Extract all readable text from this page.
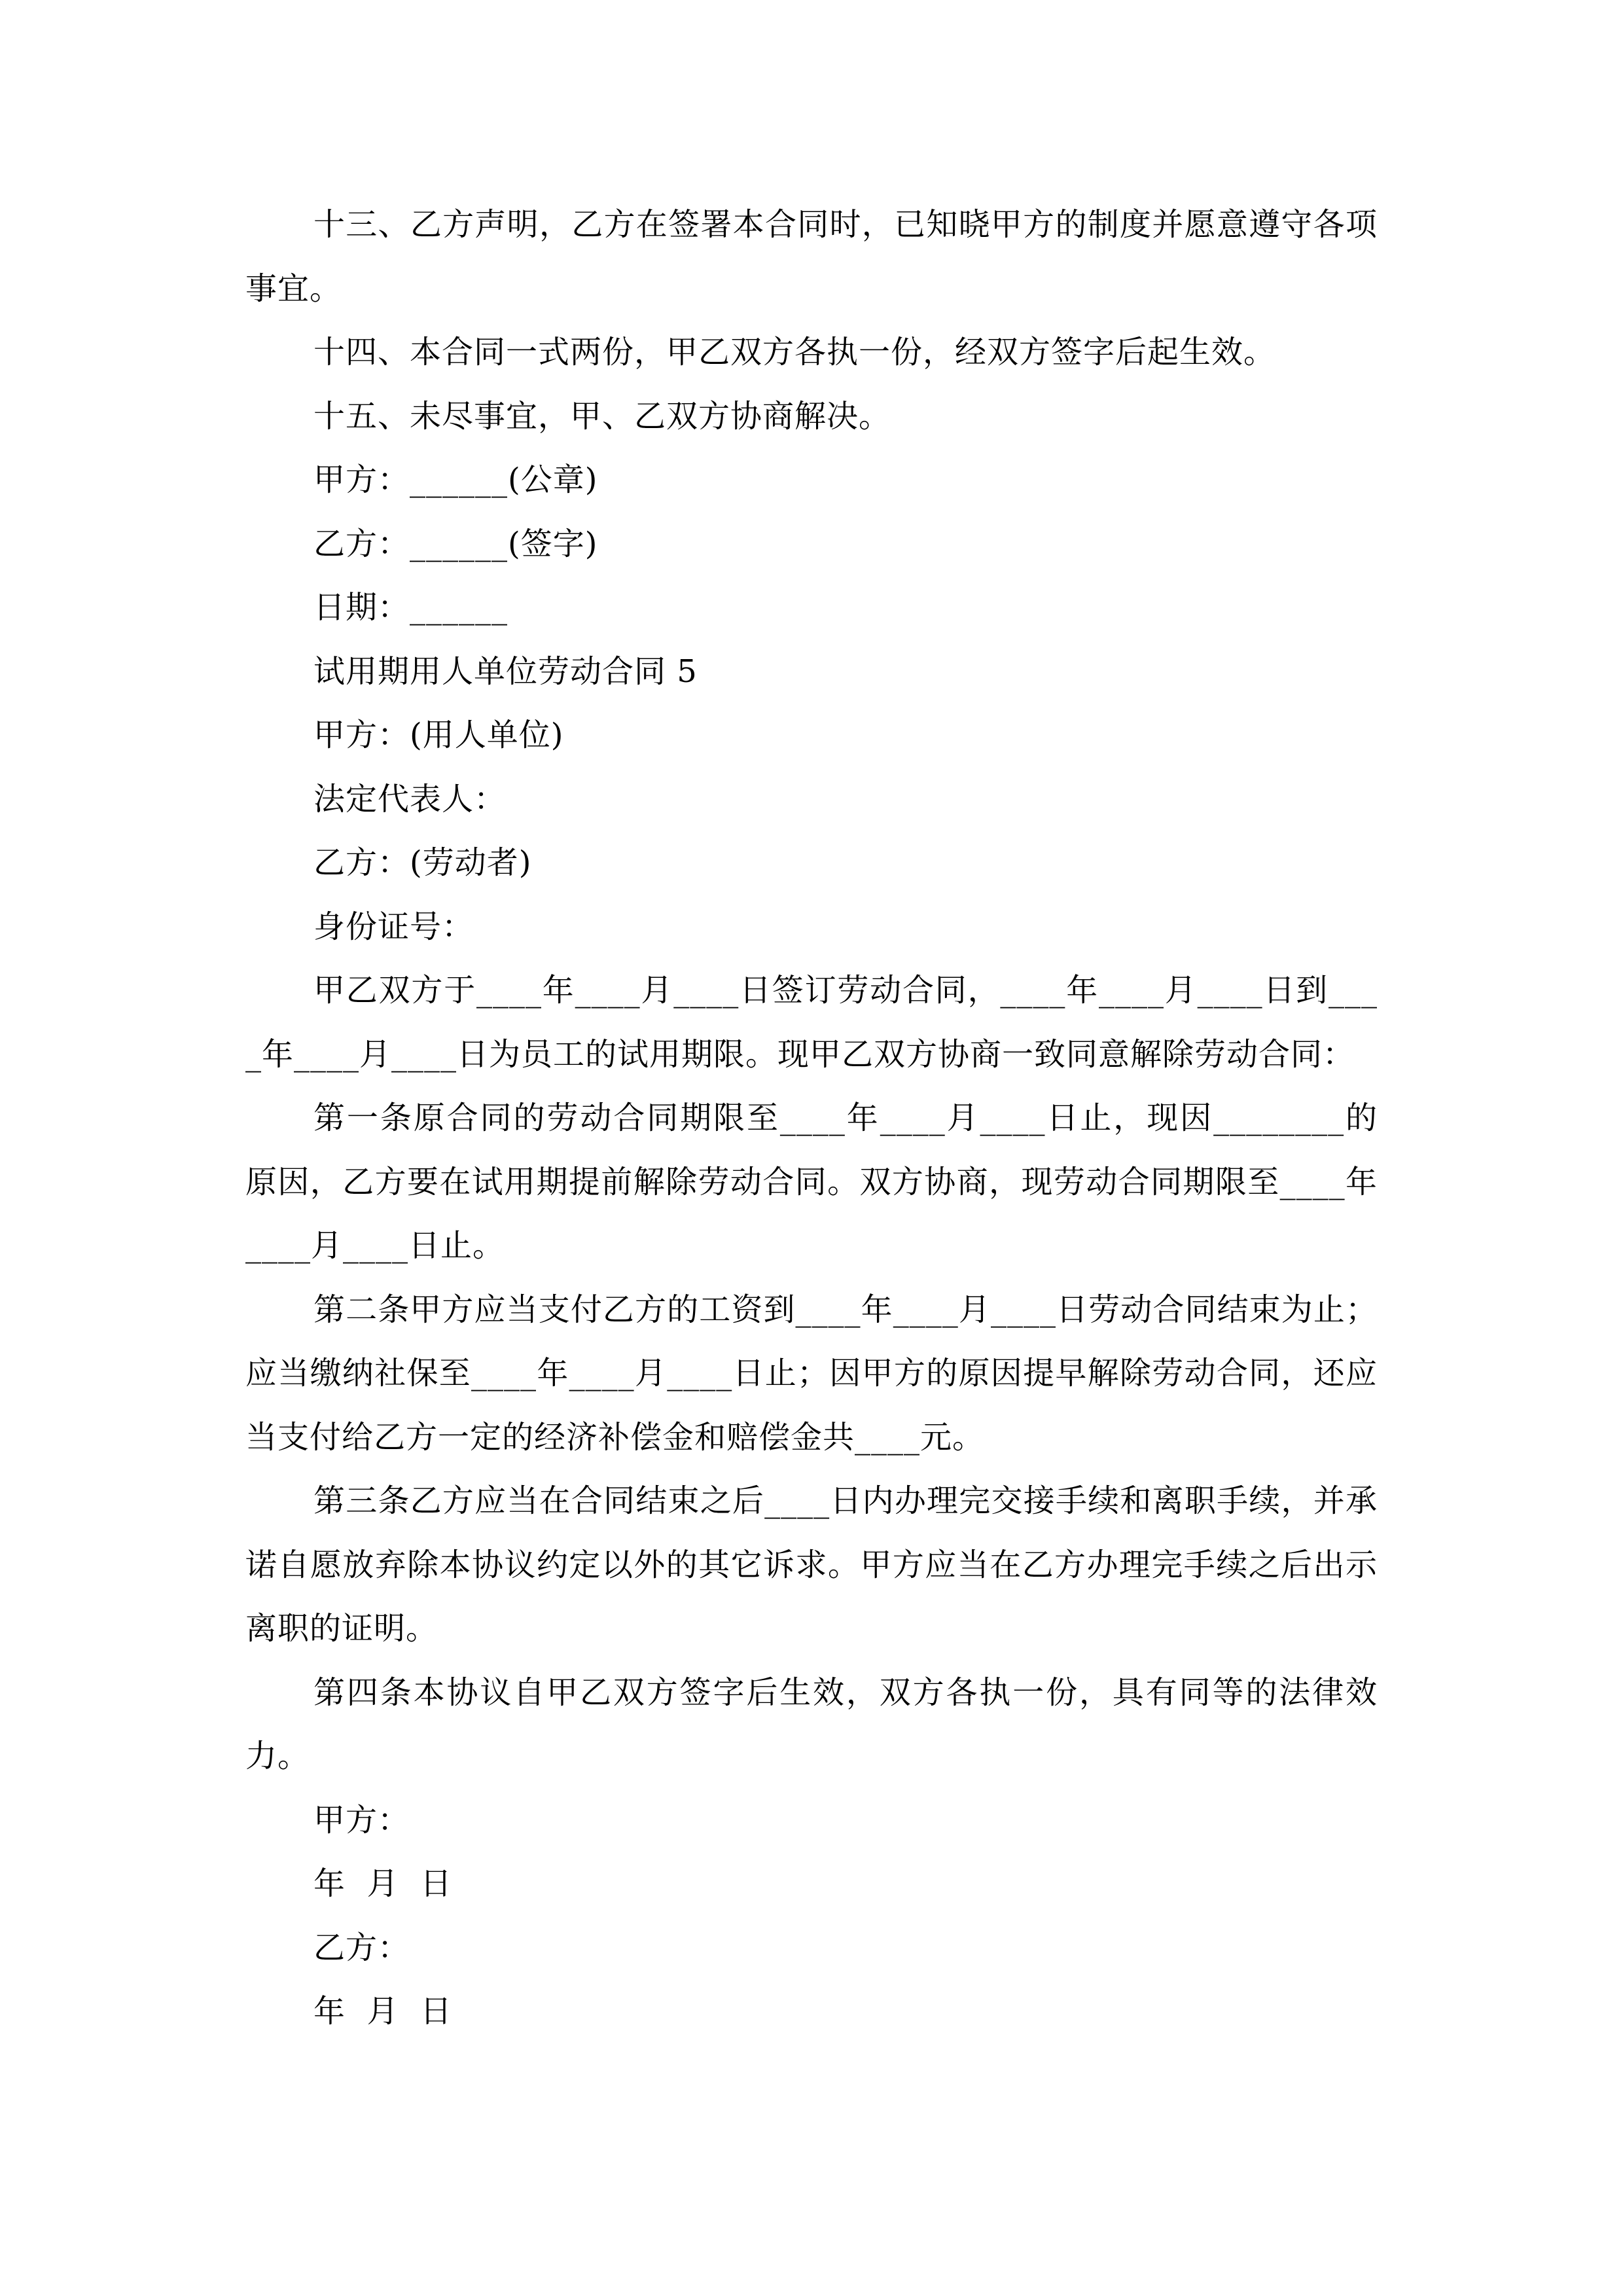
十三、乙方声明，乙方在签署本合同时，已知晓甲方的制度并愿意遵守各项事宜。

十四、本合同一式两份，甲乙双方各执一份，经双方签字后起生效。

十五、未尽事宜，甲、乙双方协商解决。

甲方：______(公章)

乙方：______(签字)

日期：______

试用期用人单位劳动合同 5

甲方：(用人单位)

法定代表人：

乙方：(劳动者)

身份证号：

甲乙双方于____年____月____日签订劳动合同，____年____月____日到____年____月____日为员工的试用期限。现甲乙双方协商一致同意解除劳动合同：

第一条原合同的劳动合同期限至____年____月____日止，现因________的原因，乙方要在试用期提前解除劳动合同。双方协商，现劳动合同期限至____年____月____日止。

第二条甲方应当支付乙方的工资到____年____月____日劳动合同结束为止；应当缴纳社保至____年____月____日止；因甲方的原因提早解除劳动合同，还应当支付给乙方一定的经济补偿金和赔偿金共____元。

第三条乙方应当在合同结束之后____日内办理完交接手续和离职手续，并承诺自愿放弃除本协议约定以外的其它诉求。甲方应当在乙方办理完手续之后出示离职的证明。

第四条本协议自甲乙双方签字后生效，双方各执一份，具有同等的法律效力。

甲方：

年  月  日

乙方：

年  月  日
